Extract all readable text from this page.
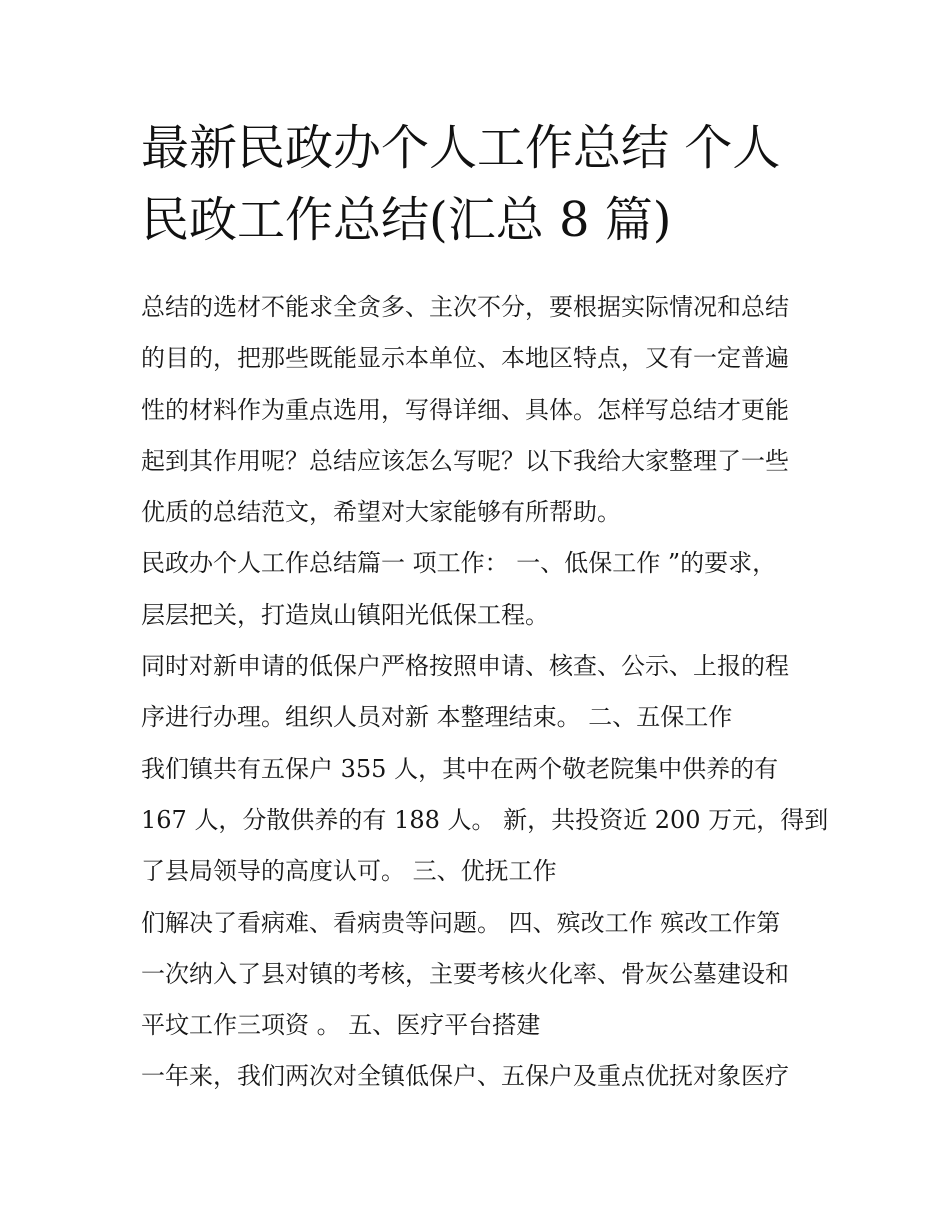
最新民政办个人工作总结 个人
民政工作总结(汇总 8 篇)
总结的选材不能求全贪多、主次不分，要根据实际情况和总结
的目的，把那些既能显示本单位、本地区特点，又有一定普遍
性的材料作为重点选用，写得详细、具体。怎样写总结才更能
起到其作用呢？总结应该怎么写呢？以下我给大家整理了一些
优质的总结范文，希望对大家能够有所帮助。
民政办个人工作总结篇一 项工作： 一、低保工作 ”的要求，
层层把关，打造岚山镇阳光低保工程。
同时对新申请的低保户严格按照申请、核查、公示、上报的程
序进行办理。组织人员对新 本整理结束。 二、五保工作
我们镇共有五保户 355 人，其中在两个敬老院集中供养的有
167 人，分散供养的有 188 人。 新，共投资近 200 万元，得到
了县局领导的高度认可。 三、优抚工作
们解决了看病难、看病贵等问题。 四、殡改工作 殡改工作第
一次纳入了县对镇的考核，主要考核火化率、骨灰公墓建设和
平坟工作三项资 。 五、医疗平台搭建
一年来，我们两次对全镇低保户、五保户及重点优抚对象医疗
